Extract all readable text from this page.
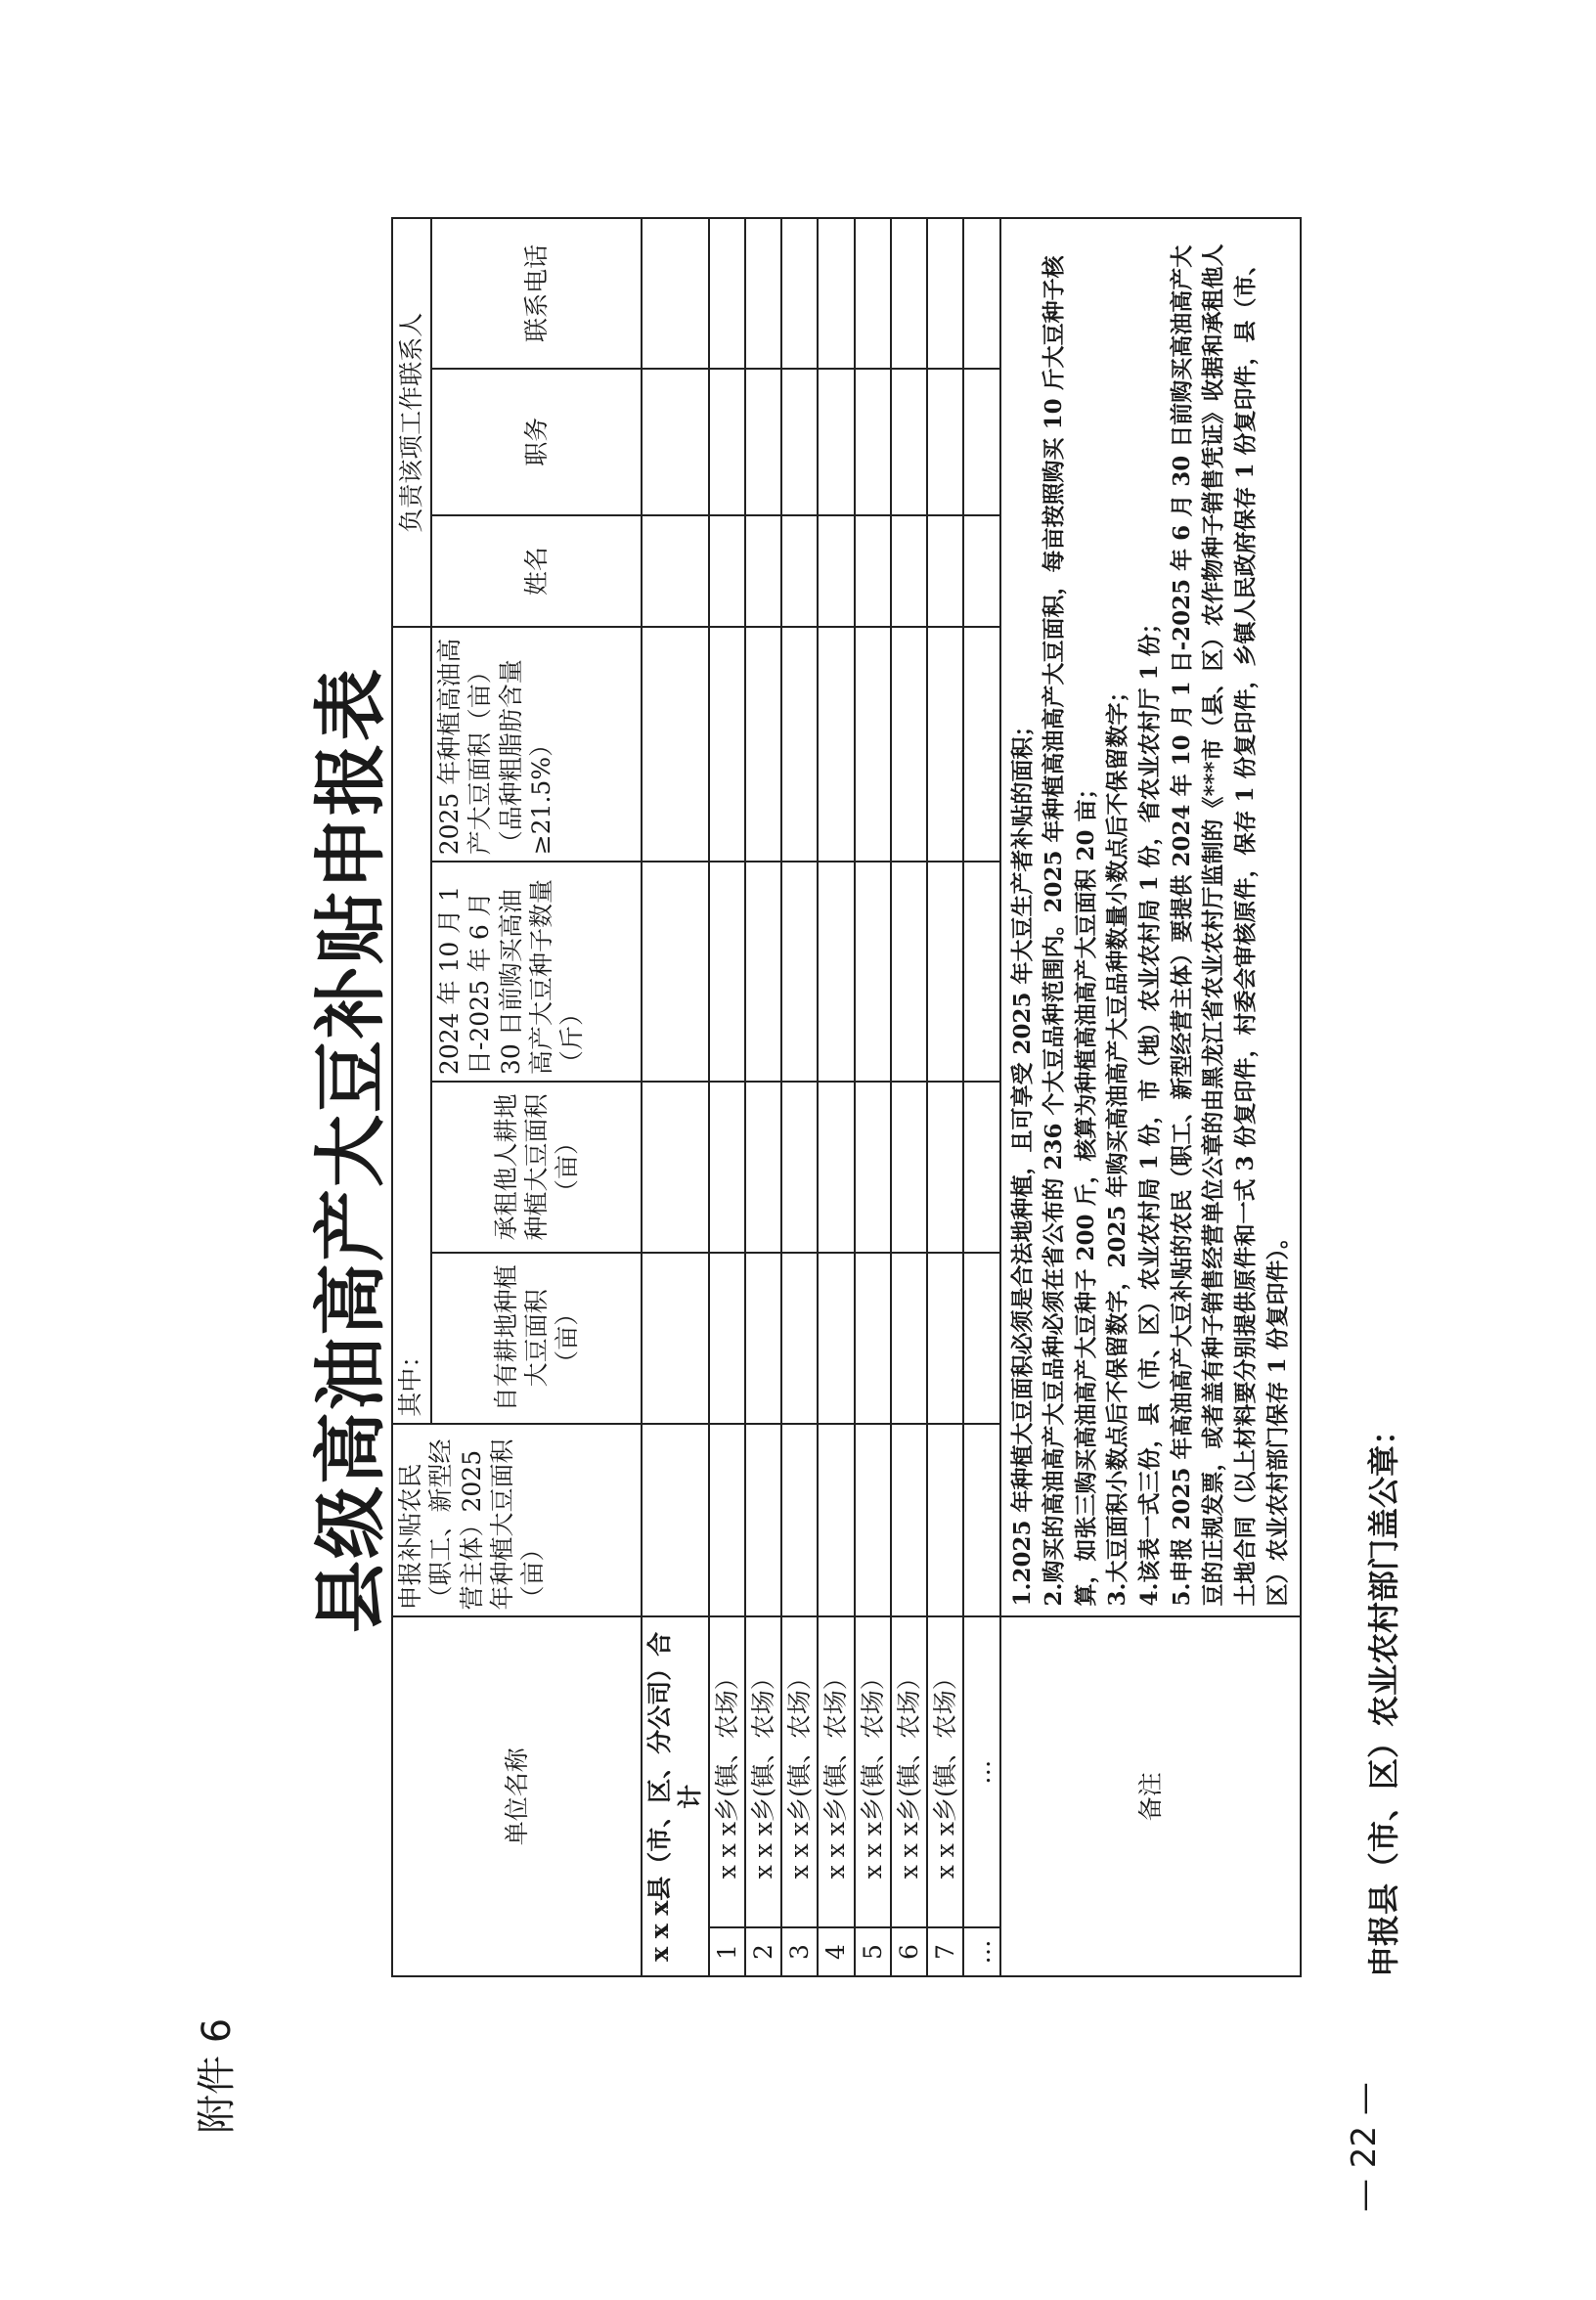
附件 6
县级高油高产大豆补贴申报表
单位名称		申报补贴农民（职工、新型经营主体）2025 年种植大豆面积（亩）	其中：				负责该项工作联系人		
			自有耕地种植大豆面积（亩）	承租他人耕地种植大豆面积（亩）	2024 年 10 月 1 日-2025 年 6 月 30 日前购买高油高产大豆种子数量（斤）	2025 年种植高油高产大豆面积（亩）（品种粗脂肪含量≥21.5%）	姓名	职务	联系电话

x x x县（市、区、分公司）合计									
1	x x x乡(镇、农场）								
2	x x x乡(镇、农场）								
3	x x x乡(镇、农场）								
4	x x x乡(镇、农场）								
5	x x x乡(镇、农场）								
6	x x x乡(镇、农场）								
7	x x x乡(镇、农场）								
…	…								
备注		1.2025 年种植大豆面积必须是合法地种植，且可享受 2025 年大豆生产者补贴的面积； 2.购买的高油高产大豆品种必须在省公布的 236 个大豆品种范围内。2025 年种植高油高产大豆面积，每亩按照购买 10 斤大豆种子核算，如张三购买高油高产大豆种子 200 斤，核算为种植高油高产大豆面积 20 亩； 3.大豆面积小数点后不保留数字，2025 年购买高油高产大豆品种数量小数点后不保留数字； 4.该表一式三份，县（市、区）农业农村局 1 份，市（地）农业农村局 1 份，省农业农村厅 1 份； 5.申报 2025 年高油高产大豆补贴的农民（职工、新型经营主体）要提供 2024 年 10 月 1 日-2025 年 6 月 30 日前购买高油高产大豆的正规发票，或者盖有种子销售经营单位公章的由黑龙江省农业农村厅监制的《***市（县、区）农作物种子销售凭证》收据和承租他人土地合同（以上材料要分别提供原件和一式 3 份复印件，村委会审核原件，保存 1 份复印件，乡镇人民政府保存 1 份复印件，县（市、区）农业农村部门保存 1 份复印件）。							申报县（市、区）农业农村部门盖公章：
— 22 —
